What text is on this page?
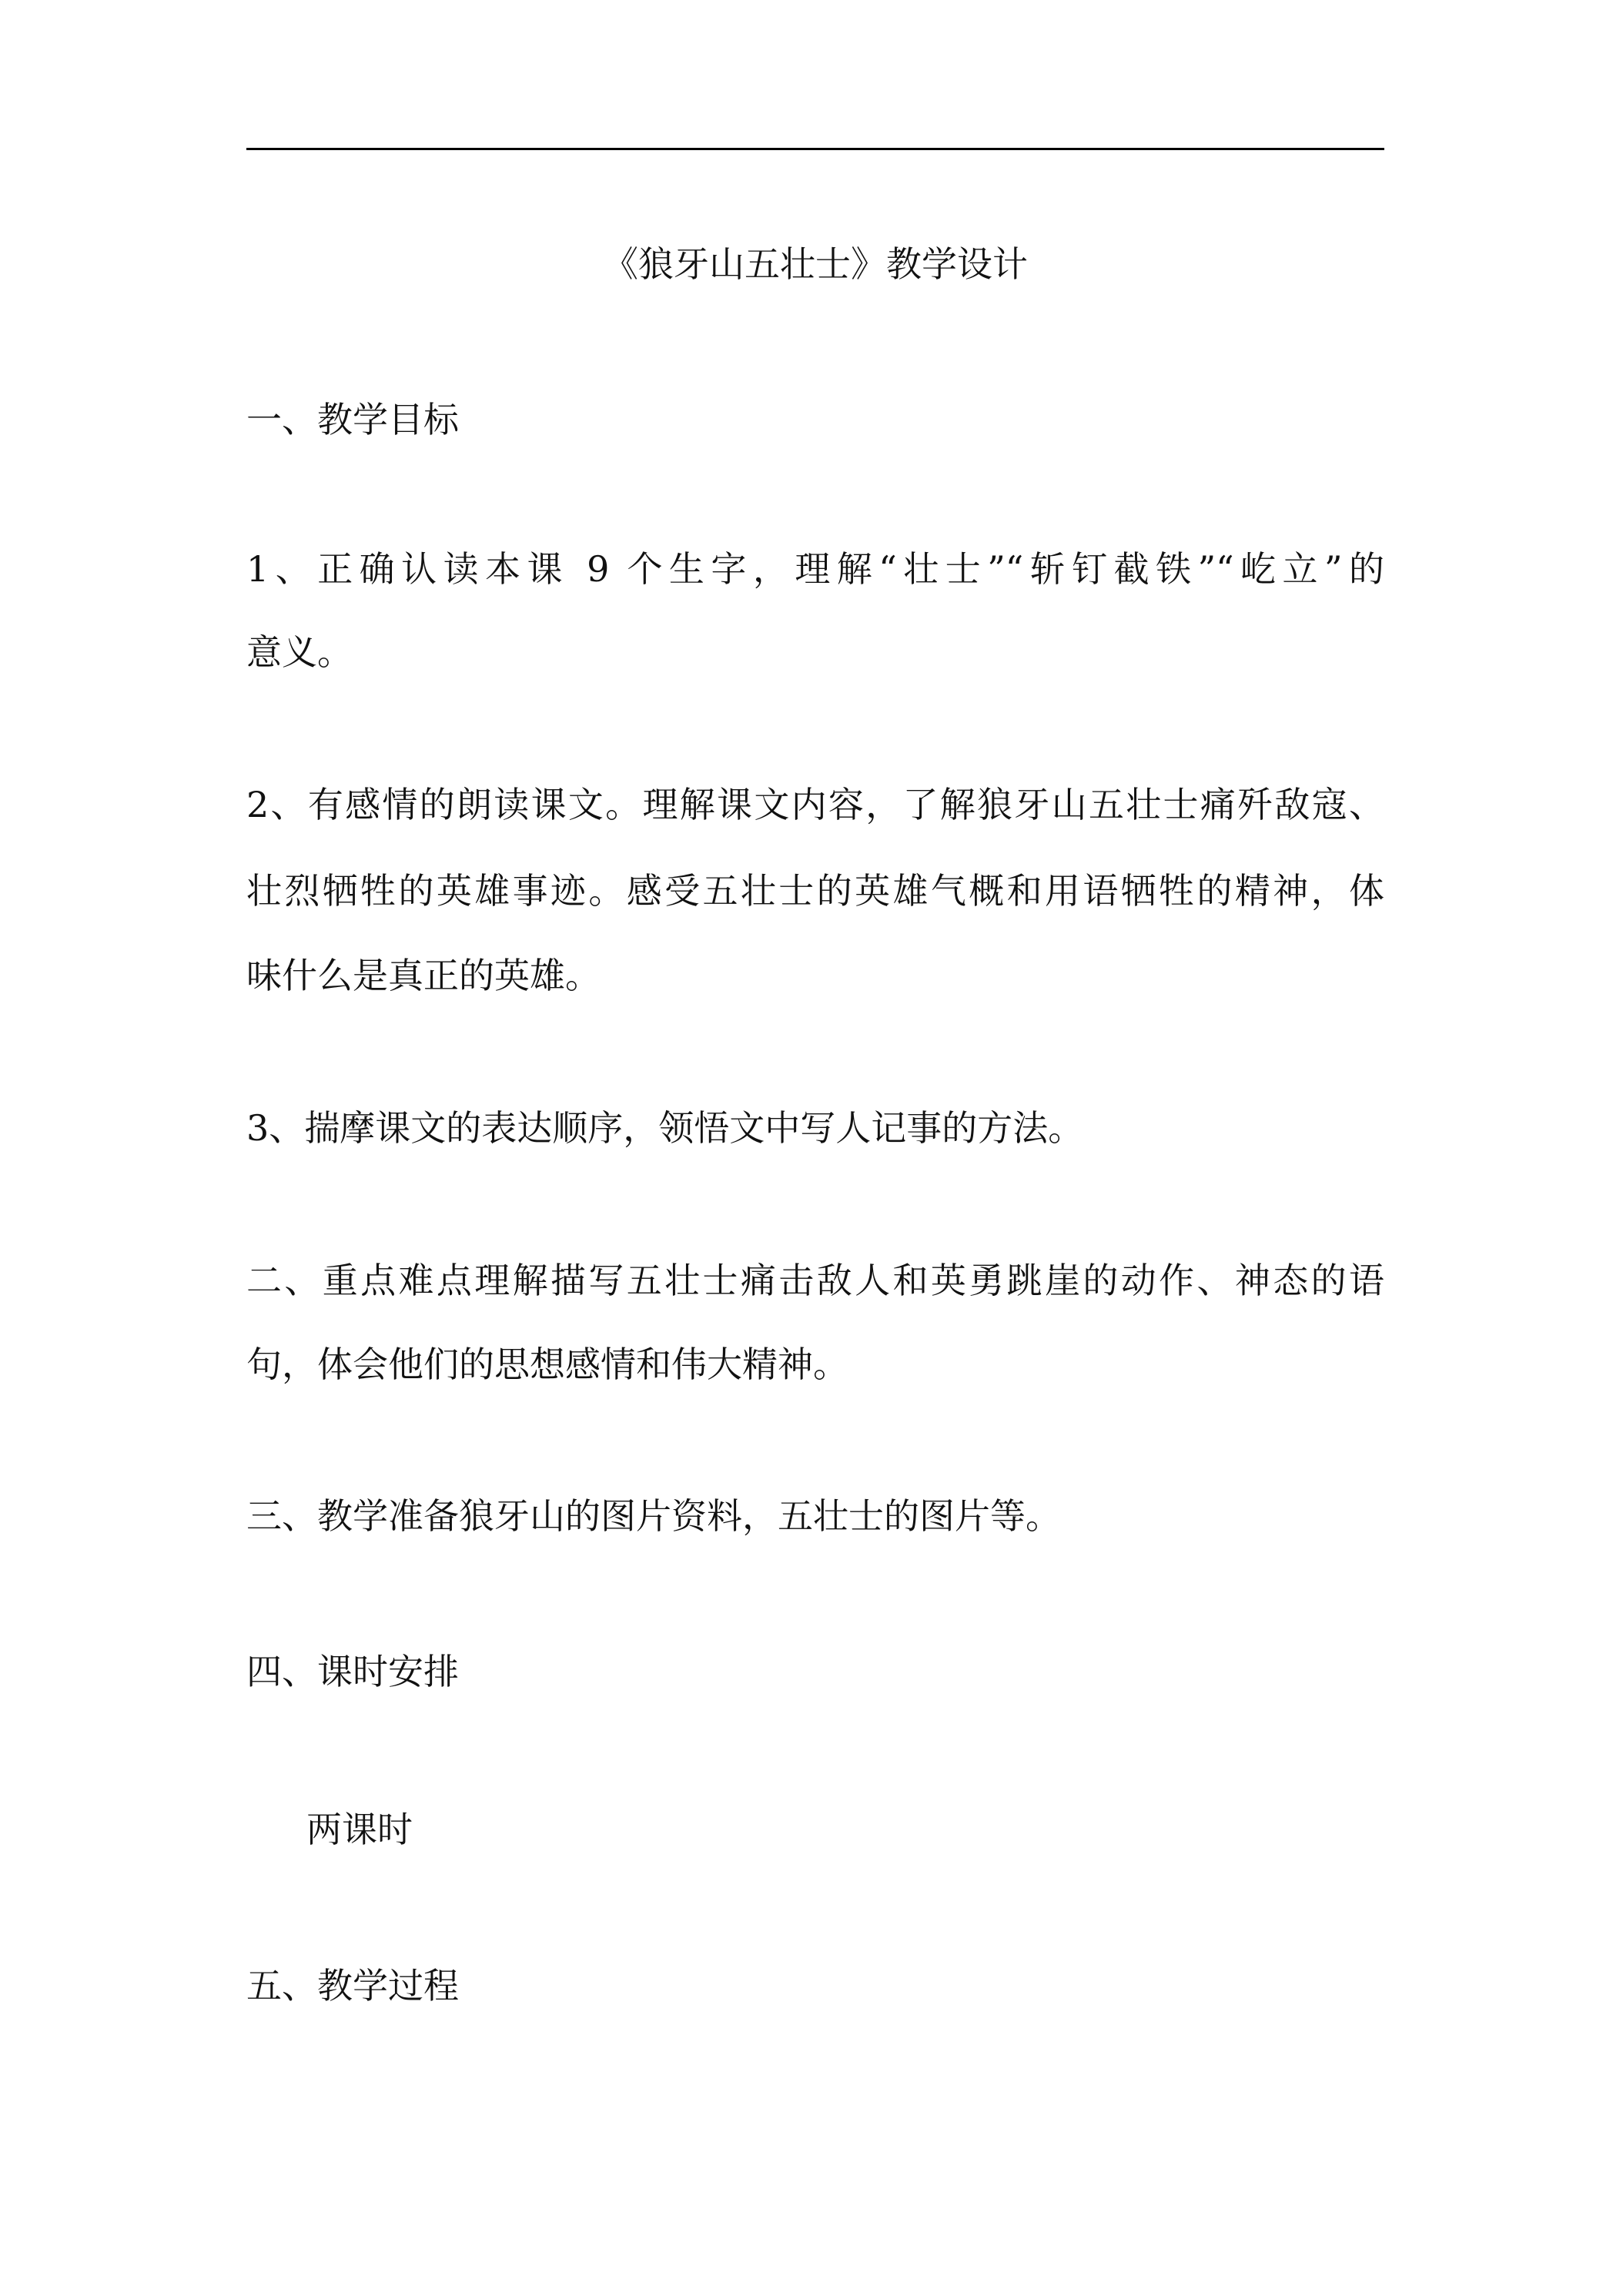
《狼牙山五壮士》教学设计

一、教学目标

1、正确认读本课 9 个生字，理解“壮士”“斩钉截铁”“屹立”的

意义。

2、有感情的朗读课文。理解课文内容，了解狼牙山五壮士痛歼敌寇、

壮烈牺牲的英雄事迹。感受五壮士的英雄气概和用语牺牲的精神，体

味什么是真正的英雄。

3、揣摩课文的表达顺序，领悟文中写人记事的方法。

二、重点难点理解描写五壮士痛击敌人和英勇跳崖的动作、神态的语

句，体会他们的思想感情和伟大精神。

三、教学准备狼牙山的图片资料，五壮士的图片等。

四、课时安排

两课时

五、教学过程
